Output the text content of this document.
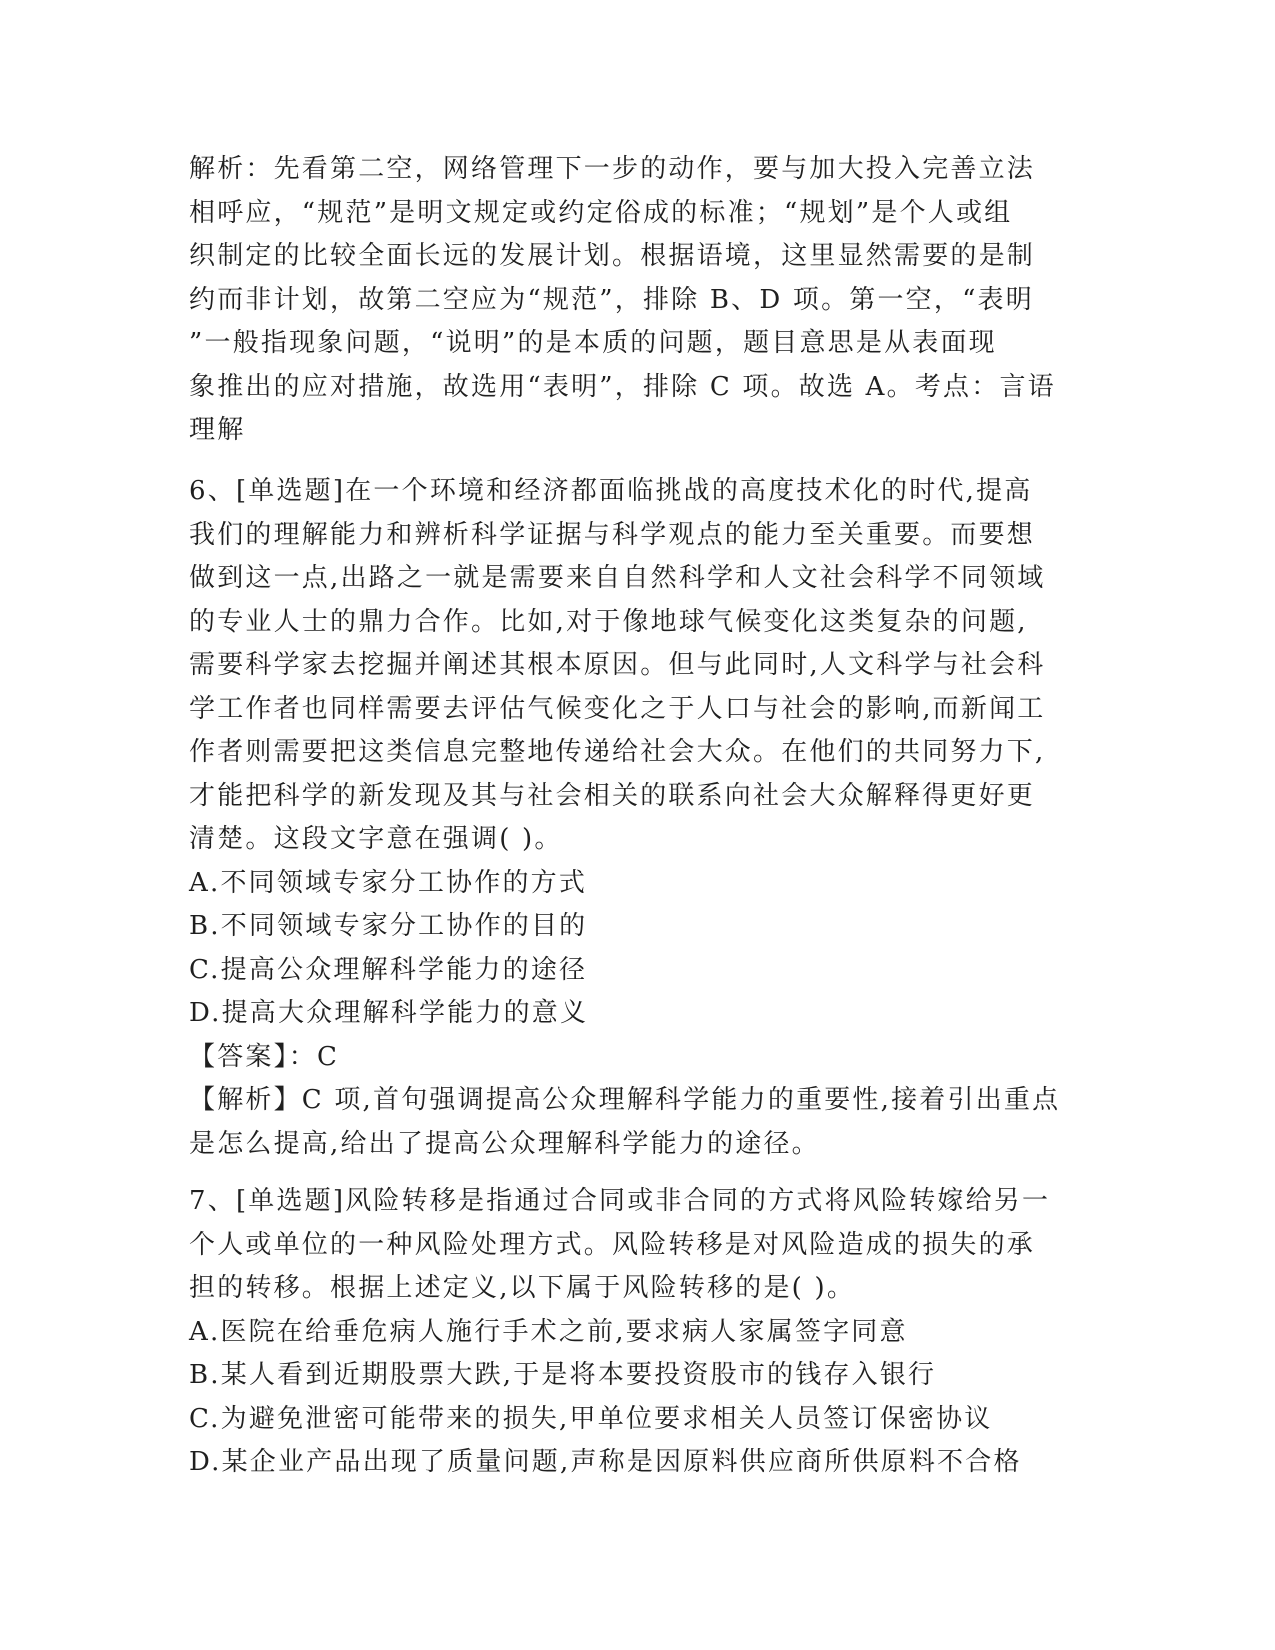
解析：先看第二空，网络管理下一步的动作，要与加大投入完善立法
相呼应，“规范”是明文规定或约定俗成的标准；“规划”是个人或组
织制定的比较全面长远的发展计划。根据语境，这里显然需要的是制
约而非计划，故第二空应为“规范”，排除 B、D 项。第一空，“表明
”一般指现象问题，“说明”的是本质的问题，题目意思是从表面现
象推出的应对措施，故选用“表明”，排除 C 项。故选 A。考点：言语
理解
6、[单选题]在一个环境和经济都面临挑战的高度技术化的时代,提高
我们的理解能力和辨析科学证据与科学观点的能力至关重要。而要想
做到这一点,出路之一就是需要来自自然科学和人文社会科学不同领域
的专业人士的鼎力合作。比如,对于像地球气候变化这类复杂的问题,
需要科学家去挖掘并阐述其根本原因。但与此同时,人文科学与社会科
学工作者也同样需要去评估气候变化之于人口与社会的影响,而新闻工
作者则需要把这类信息完整地传递给社会大众。在他们的共同努力下,
才能把科学的新发现及其与社会相关的联系向社会大众解释得更好更
清楚。这段文字意在强调( )。
A.不同领域专家分工协作的方式
B.不同领域专家分工协作的目的
C.提高公众理解科学能力的途径
D.提高大众理解科学能力的意义
【答案】：C
【解析】C 项,首句强调提高公众理解科学能力的重要性,接着引出重点
是怎么提高,给出了提高公众理解科学能力的途径。
7、[单选题]风险转移是指通过合同或非合同的方式将风险转嫁给另一
个人或单位的一种风险处理方式。风险转移是对风险造成的损失的承
担的转移。根据上述定义,以下属于风险转移的是( )。
A.医院在给垂危病人施行手术之前,要求病人家属签字同意
B.某人看到近期股票大跌,于是将本要投资股市的钱存入银行
C.为避免泄密可能带来的损失,甲单位要求相关人员签订保密协议
D.某企业产品出现了质量问题,声称是因原料供应商所供原料不合格
